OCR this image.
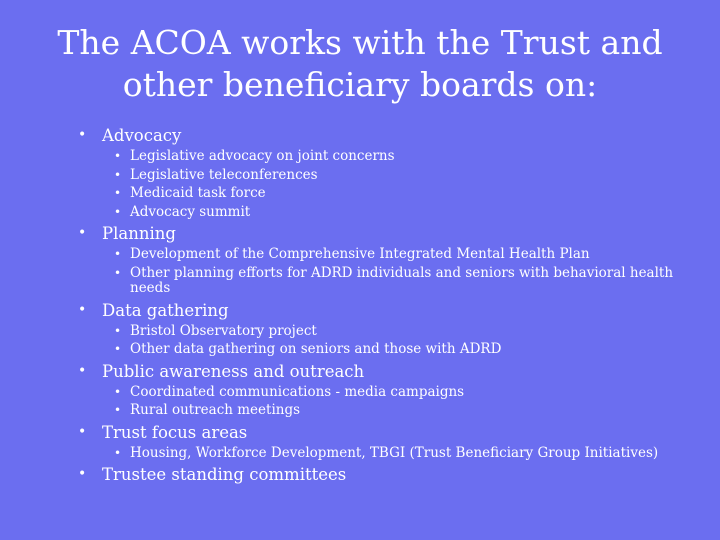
The ACOA works with the Trust and
other beneficiary boards on:
• Advocacy
• Legislative advocacy on joint concerns
• Legislative teleconferences
• Medicaid task force
• Advocacy summit
• Planning
• Development of the Comprehensive Integrated Mental Health Plan
• Other planning efforts for ADRD individuals and seniors with behavioral health needs
• Data gathering
• Bristol Observatory project
• Other data gathering on seniors and those with ADRD
• Public awareness and outreach
• Coordinated communications - media campaigns
• Rural outreach meetings
• Trust focus areas
• Housing, Workforce Development, TBGI (Trust Beneficiary Group Initiatives)
• Trustee standing committees
